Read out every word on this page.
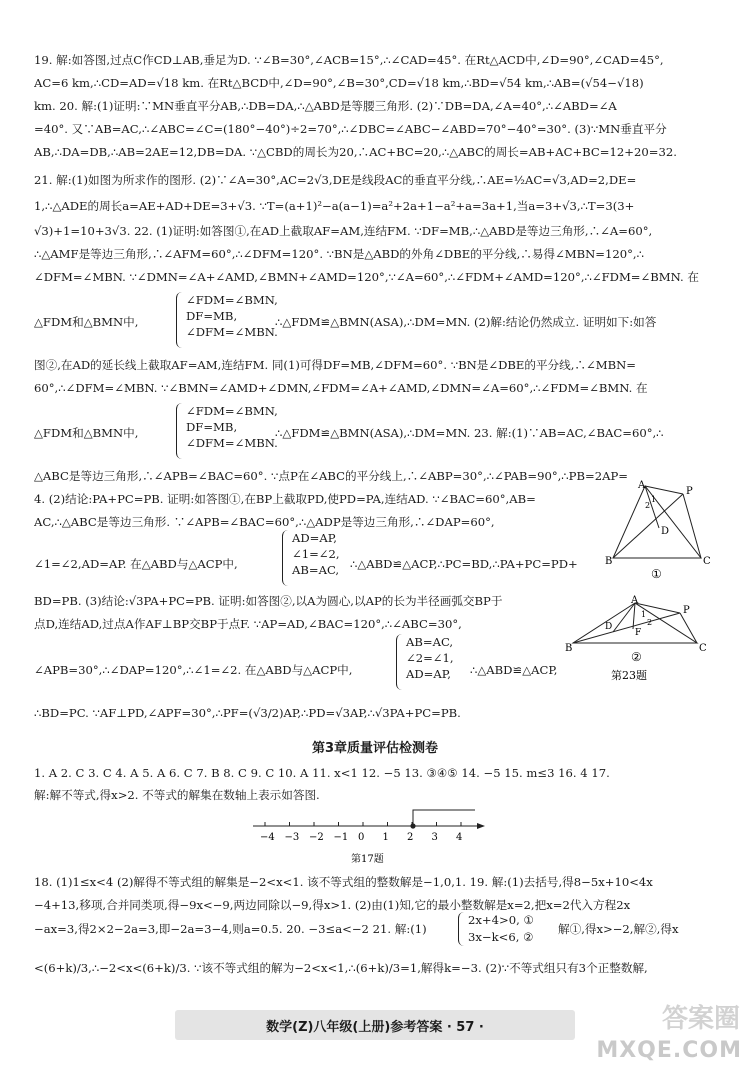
19. 解:如答图,过点C作CD⊥AB,垂足为D. ∵∠B=30°,∠ACB=15°,∴∠CAD=45°. 在Rt△ACD中,∠D=90°,∠CAD=45°,
AC=6 km,∴CD=AD=√18 km. 在Rt△BCD中,∠D=90°,∠B=30°,CD=√18 km,∴BD=√54 km,∴AB=(√54−√18)
km. 20. 解:(1)证明:∵MN垂直平分AB,∴DB=DA,∴△ABD是等腰三角形. (2)∵DB=DA,∠A=40°,∴∠ABD=∠A
=40°. 又∵AB=AC,∴∠ABC=∠C=(180°−40°)÷2=70°,∴∠DBC=∠ABC−∠ABD=70°−40°=30°. (3)∵MN垂直平分
AB,∴DA=DB,∴AB=2AE=12,DB=DA. ∵△CBD的周长为20,∴AC+BC=20,∴△ABC的周长=AB+AC+BC=12+20=32.
21. 解:(1)如图为所求作的图形. (2)∵∠A=30°,AC=2√3,DE是线段AC的垂直平分线,∴AE=½AC=√3,AD=2,DE=
1,∴△ADE的周长a=AE+AD+DE=3+√3. ∵T=(a+1)²−a(a−1)=a²+2a+1−a²+a=3a+1,当a=3+√3,∴T=3(3+
√3)+1=10+3√3. 22. (1)证明:如答图①,在AD上截取AF=AM,连结FM. ∵DF=MB,∴△ABD是等边三角形,∴∠A=60°,
∴△AMF是等边三角形,∴∠AFM=60°,∴∠DFM=120°. ∵BN是△ABD的外角∠DBE的平分线,∴易得∠MBN=120°,∴
∠DFM=∠MBN. ∵∠DMN=∠A+∠AMD,∠BMN+∠AMD=120°,∵∠A=60°,∴∠FDM+∠AMD=120°,∴∠FDM=∠BMN. 在
△FDM和△BMN中,
∠FDM=∠BMN,
DF=MB,
∠DFM=∠MBN.
∴△FDM≌△BMN(ASA),∴DM=MN. (2)解:结论仍然成立. 证明如下:如答
图②,在AD的延长线上截取AF=AM,连结FM. 同(1)可得DF=MB,∠DFM=60°. ∵BN是∠DBE的平分线,∴∠MBN=
60°,∴∠DFM=∠MBN. ∵∠BMN=∠AMD+∠DMN,∠FDM=∠A+∠AMD,∠DMN=∠A=60°,∴∠FDM=∠BMN. 在
△FDM和△BMN中,
∠FDM=∠BMN,
DF=MB,
∠DFM=∠MBN.
∴△FDM≌△BMN(ASA),∴DM=MN. 23. 解:(1)∵AB=AC,∠BAC=60°,∴
△ABC是等边三角形,∴∠APB=∠BAC=60°. ∵点P在∠ABC的平分线上,∴∠ABP=30°,∴∠PAB=90°,∴PB=2AP=
4. (2)结论:PA+PC=PB. 证明:如答图①,在BP上截取PD,使PD=PA,连结AD. ∵∠BAC=60°,AB=
AC,∴△ABC是等边三角形. ∵∠APB=∠BAC=60°,∴△ADP是等边三角形,∴∠DAP=60°,
∠1=∠2,AD=AP. 在△ABD与△ACP中,
AD=AP,
∠1=∠2,
AB=AC, ∴△ABD≌△ACP,∴PC=BD,∴PA+PC=PD+
BD=PB. (3)结论:√3PA+PC=PB. 证明:如答图②,以A为圆心,以AP的长为半径画弧交BP于
点D,连结AD,过点A作AF⊥BP交BP于点F. ∵AP=AD,∠BAC=120°,∴∠ABC=30°,
∠APB=30°,∴∠DAP=120°,∴∠1=∠2. 在△ABD与△ACP中,
AB=AC,
∠2=∠1,
AD=AP, ∴△ABD≌△ACP,
∴BD=PC. ∵AF⊥PD,∠APF=30°,∴PF=(√3/2)AP,∴PD=√3AP,∴√3PA+PC=PB.
A
P
B	C
D
1
2
①
A
P
B	C
D
F
1
2
②
第23题
第3章质量评估检测卷
1. A 2. C 3. C 4. A 5. A 6. C 7. B 8. C 9. C 10. A 11. x<1 12. −5 13. ③④⑤ 14. −5 15. m≤3 16. 4 17.
解:解不等式,得x>2. 不等式的解集在数轴上表示如答图.
−4 −3 −2 −1 0 1 2 3 4
第17题
18. (1)1≤x<4 (2)解得不等式组的解集是−2<x<1. 该不等式组的整数解是−1,0,1. 19. 解:(1)去括号,得8−5x+10<4x
−4+13,移项,合并同类项,得−9x<−9,两边同除以−9,得x>1. (2)由(1)知,它的最小整数解是x=2,把x=2代入方程2x
−ax=3,得2×2−2a=3,即−2a=3−4,则a=0.5. 20. −3≤a<−2 21. 解:(1)
2x+4>0, ①
3x−k<6, ②
解①,得x>−2,解②,得x
<(6+k)/3,∴−2<x<(6+k)/3. ∵该不等式组的解为−2<x<1,∴(6+k)/3=1,解得k=−3. (2)∵不等式组只有3个正整数解,
数学(Z)八年级(上册)参考答案 · 57 ·	答案圈
MXQE.COM
